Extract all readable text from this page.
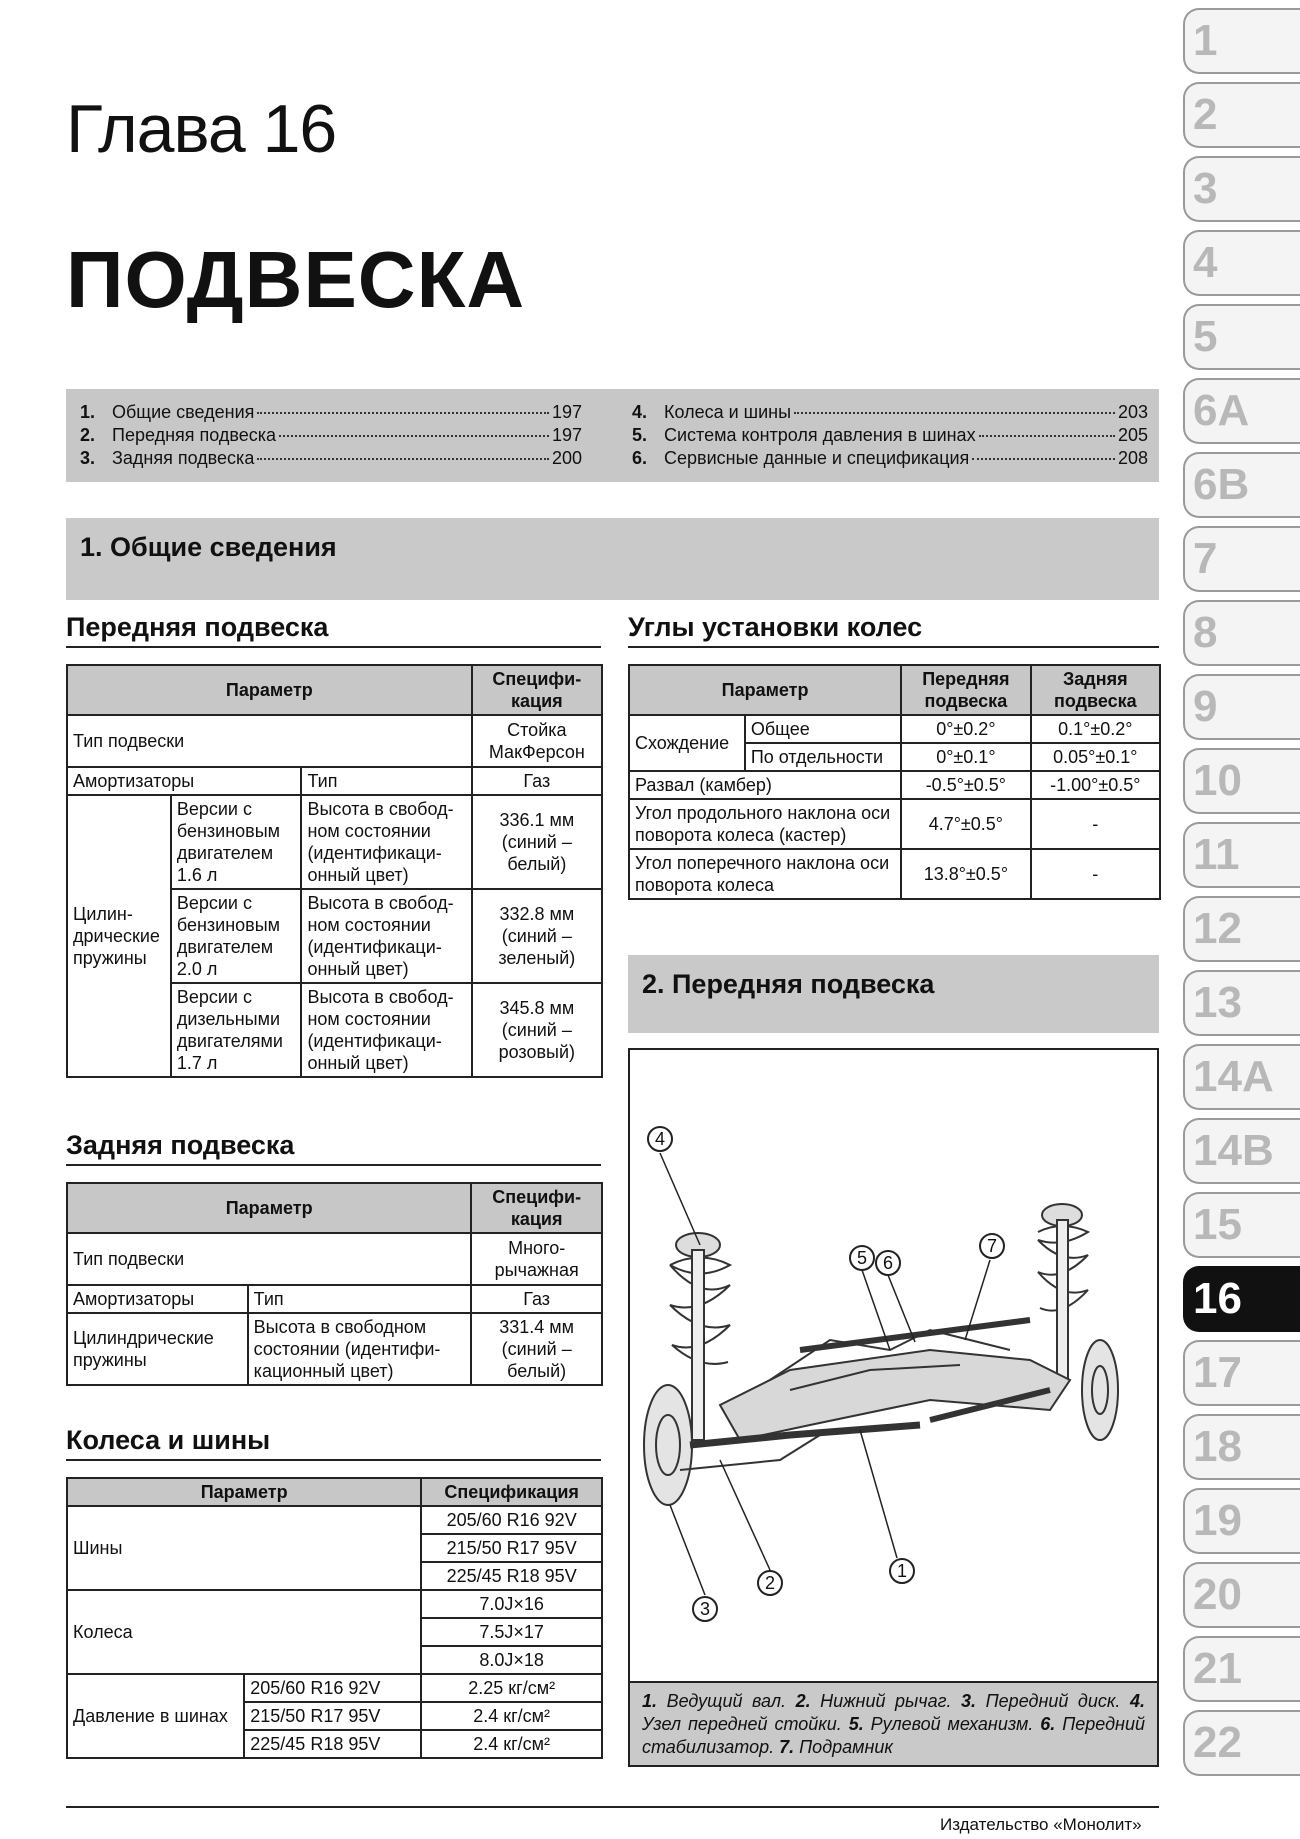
Глава 16
ПОДВЕСКА
1. Общие сведения	197
2. Передняя подвеска	197
3. Задняя подвеска	200
4. Колеса и шины	203
5. Система контроля давления в шинах	205
6. Сервисные данные и спецификация	208
1. Общие сведения
Передняя подвеска
Параметр			Специфи-кация
Тип подвески			Стойка МакФерсон
Амортизаторы		Тип	Газ
Цилин-дрические пружины	Версии с бензиновым двигателем 1.6 л	Высота в свобод-ном состоянии (идентификаци-онный цвет)	336.1 мм (синий – белый)
	Версии с бензиновым двигателем 2.0 л	Высота в свобод-ном состоянии (идентификаци-онный цвет)	332.8 мм (синий – зеленый)
	Версии с дизельными двигателями 1.7 л	Высота в свобод-ном состоянии (идентификаци-онный цвет)	345.8 мм (синий – розовый)
Задняя подвеска
Параметр		Специфи-кация
Тип подвески		Много-рычажная
Амортизаторы	Тип	Газ
Цилиндрические пружины	Высота в свободном состоянии (идентифи-кационный цвет)	331.4 мм (синий – белый)
Колеса и шины
Параметр		Спецификация
Шины		205/60 R16 92V
		215/50 R17 95V
		225/45 R18 95V
Колеса		7.0J×16
		7.5J×17
		8.0J×18
Давление в шинах	205/60 R16 92V	2.25 кг/см²
	215/50 R17 95V	2.4 кг/см²
	225/45 R18 95V	2.4 кг/см²
Углы установки колес
Параметр		Передняя подвеска	Задняя подвеска
Схождение	Общее	0°±0.2°	0.1°±0.2°
	По отдельности	0°±0.1°	0.05°±0.1°
Развал (камбер)		-0.5°±0.5°	-1.00°±0.5°
Угол продольного наклона оси поворота колеса (кастер)		4.7°±0.5°	-
Угол поперечного наклона оси поворота колеса		13.8°±0.5°	-
2. Передняя подвеска
4
5 6
7
1
2
3
1. Ведущий вал. 2. Нижний рычаг. 3. Передний диск. 4. Узел передней стойки. 5. Рулевой механизм. 6. Передний стабилизатор. 7. Подрамник
1
2
3
4
5
6A
6B
7
8
9
10
11
12
13
14A
14B
15
16
17
18
19
20
21
22
Издательство «Монолит»
